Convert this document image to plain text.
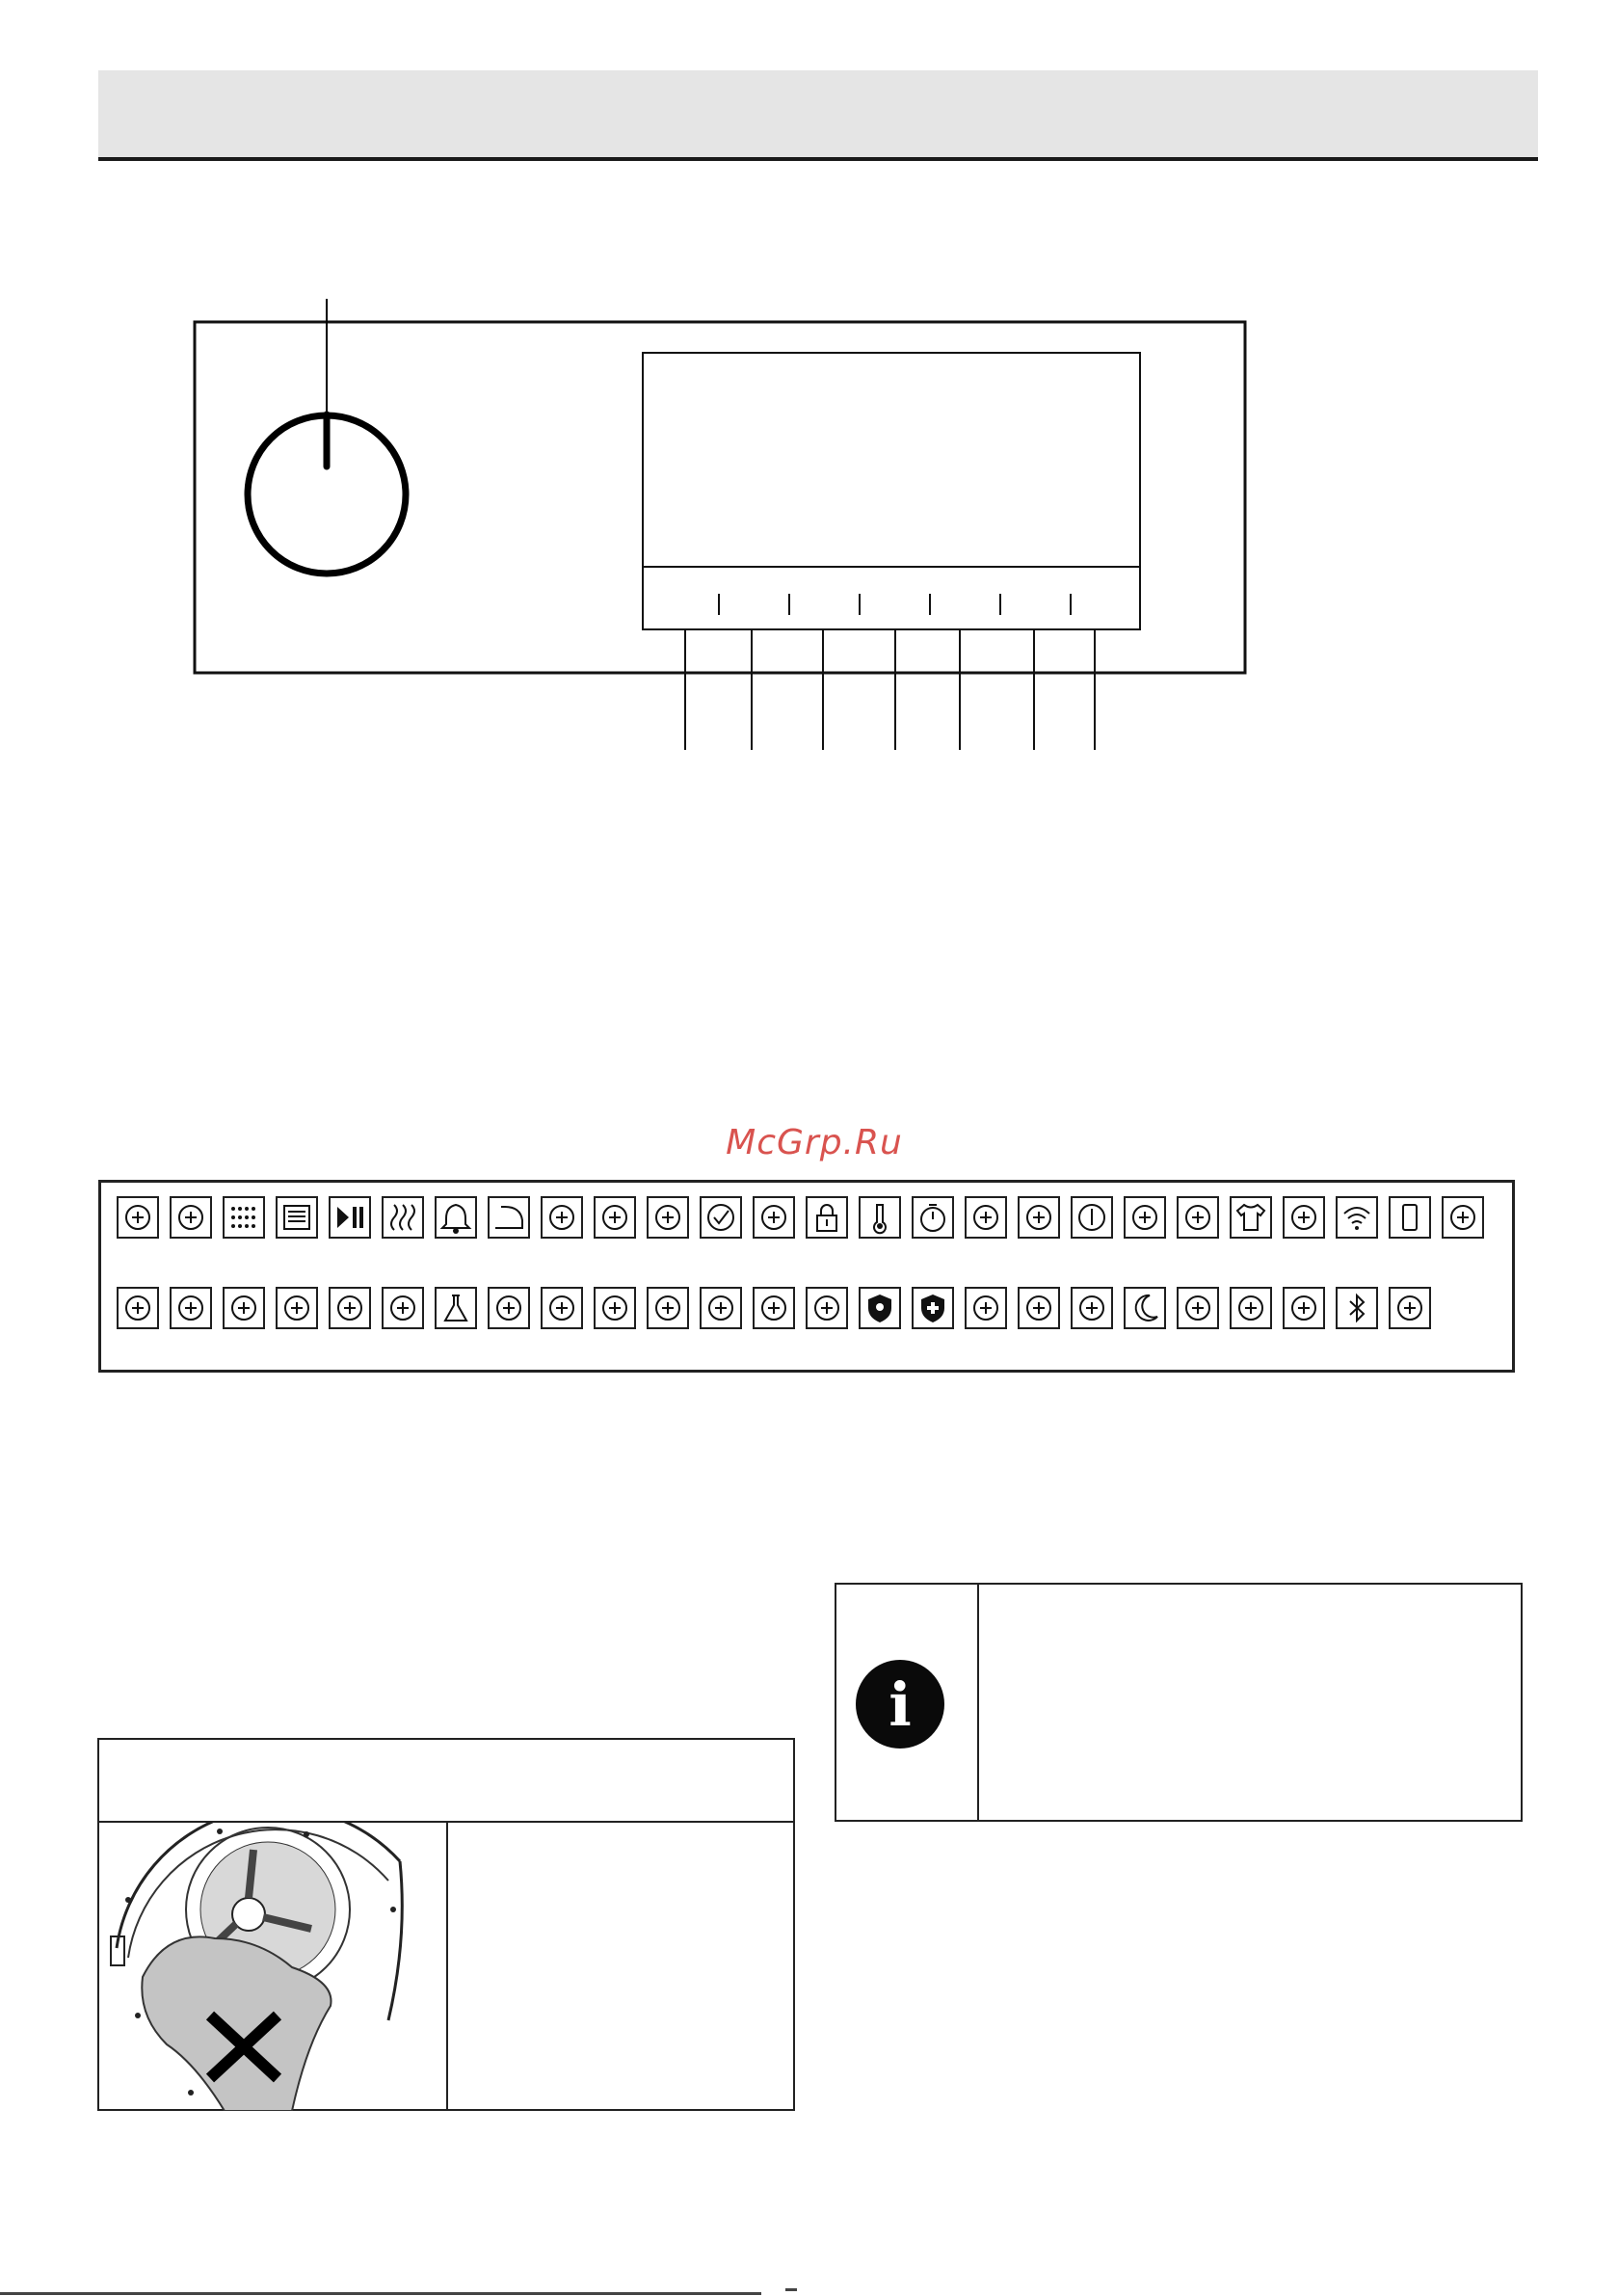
McGrp.Ru
i
